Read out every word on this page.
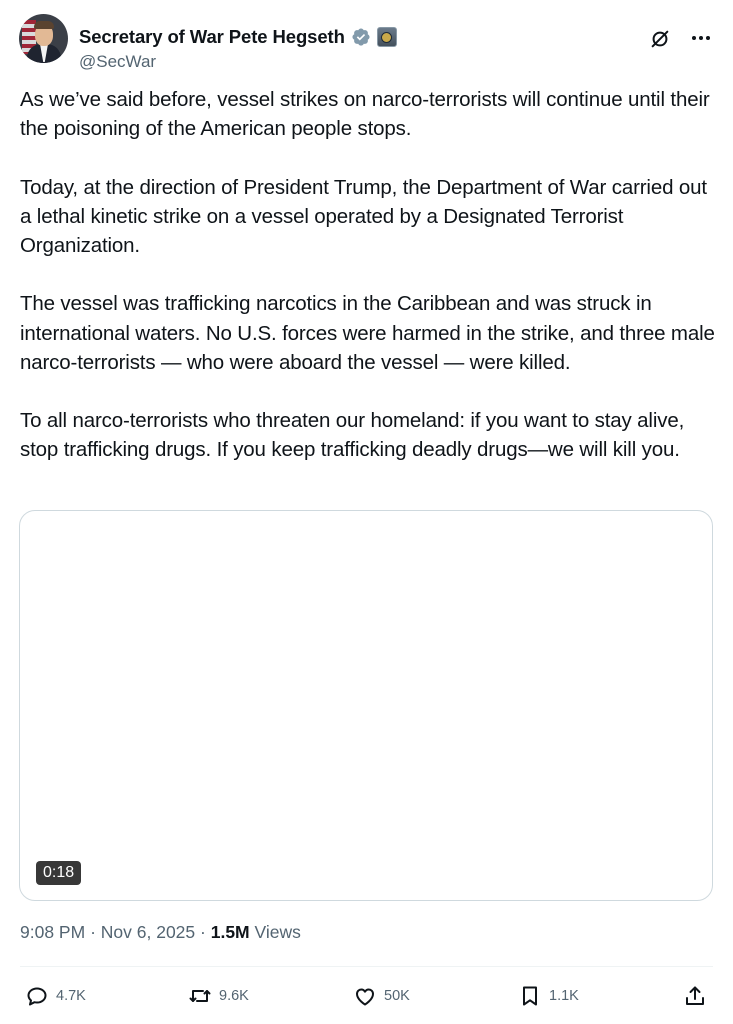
Secretary of War Pete Hegseth
@SecWar

As we’ve said before, vessel strikes on narco-terrorists will continue until their the poisoning of the American people stops.

Today, at the direction of President Trump, the Department of War carried out a lethal kinetic strike on a vessel operated by a Designated Terrorist Organization.

The vessel was trafficking narcotics in the Caribbean and was struck in international waters. No U.S. forces were harmed in the strike, and three male narco-terrorists — who were aboard the vessel — were killed.

To all narco-terrorists who threaten our homeland: if you want to stay alive, stop trafficking drugs. If you keep trafficking deadly drugs—we will kill you.

0:18
9:08 PM · Nov 6, 2025 · 1.5M Views
4.7K	9.6K	50K	1.1K
